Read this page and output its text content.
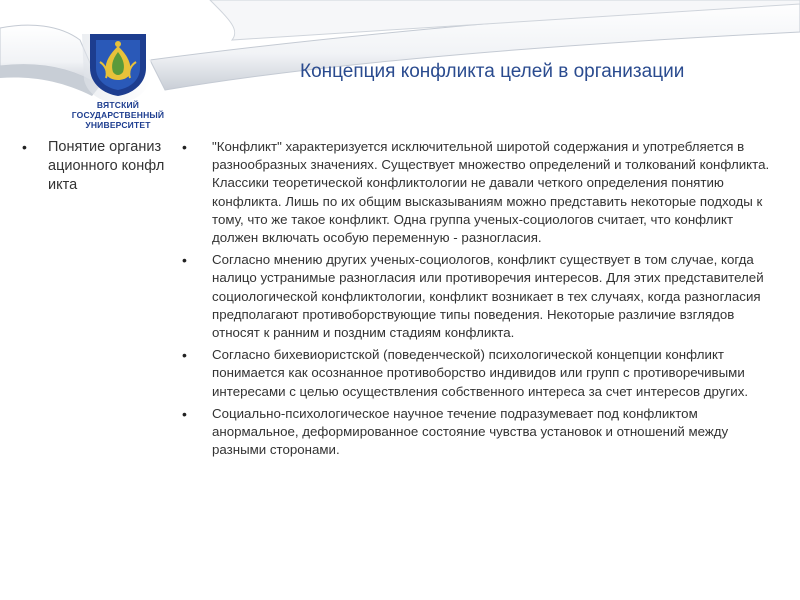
ВЯТСКИЙ
ГОСУДАРСТВЕННЫЙ
УНИВЕРСИТЕТ
Концепция конфликта целей в организации
• Понятие организационного конфликта
• "Конфликт" характеризуется исключительной широтой содержания и употребляется в разнообразных значениях. Существует множество определений и толкований конфликта. Классики теоретической конфликтологии не давали четкого определения понятию конфликта. Лишь по их общим высказываниям можно представить некоторые подходы к тому, что же такое конфликт. Одна группа ученых-социологов считает, что конфликт должен включать особую переменную - разногласия.
• Согласно мнению других ученых-социологов, конфликт существует в том случае, когда налицо устранимые разногласия или противоречия интересов. Для этих представителей социологической конфликтологии, конфликт возникает в тех случаях, когда разногласия предполагают противоборствующие типы поведения. Некоторые различие взглядов относят к ранним и поздним стадиям конфликта.
• Согласно бихевиористской (поведенческой) психологической концепции конфликт понимается как осознанное противоборство индивидов или групп с противоречивыми интересами с целью осуществления собственного интереса за счет интересов других.
• Социально-психологическое научное течение подразумевает под конфликтом анормальное, деформированное состояние чувства установок и отношений между разными сторонами.
